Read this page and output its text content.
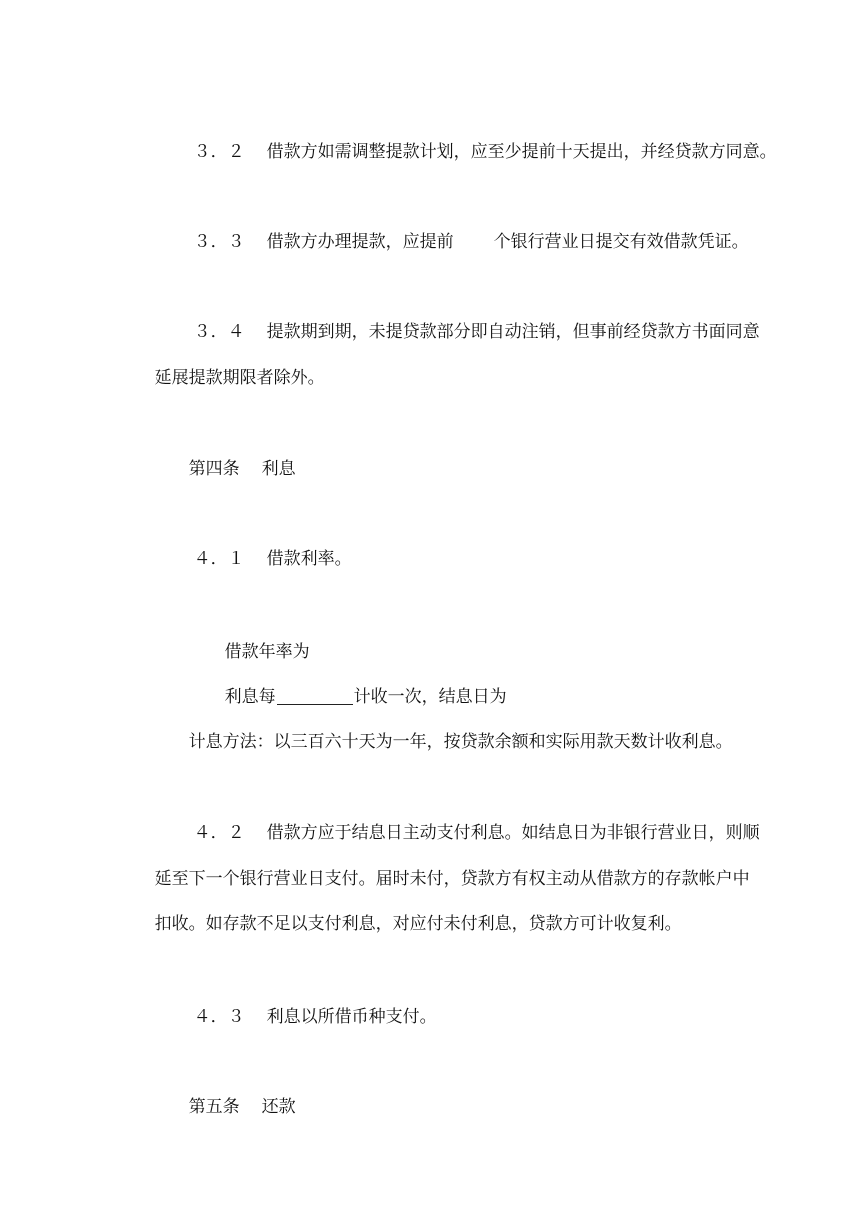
３．２ 借款方如需调整提款计划，应至少提前十天提出，并经贷款方同意。

３．３ 借款方办理提款，应提前 个银行营业日提交有效借款凭证。

３．４ 提款期到期，未提贷款部分即自动注销，但事前经贷款方书面同意

延展提款期限者除外。

第四条 利息

４．１ 借款利率。

借款年率为

利息每	计收一次，结息日为

计息方法：以三百六十天为一年，按贷款余额和实际用款天数计收利息。

４．２ 借款方应于结息日主动支付利息。如结息日为非银行营业日，则顺

延至下一个银行营业日支付。届时未付，贷款方有权主动从借款方的存款帐户中

扣收。如存款不足以支付利息，对应付未付利息，贷款方可计收复利。

４．３ 利息以所借币种支付。

第五条 还款
